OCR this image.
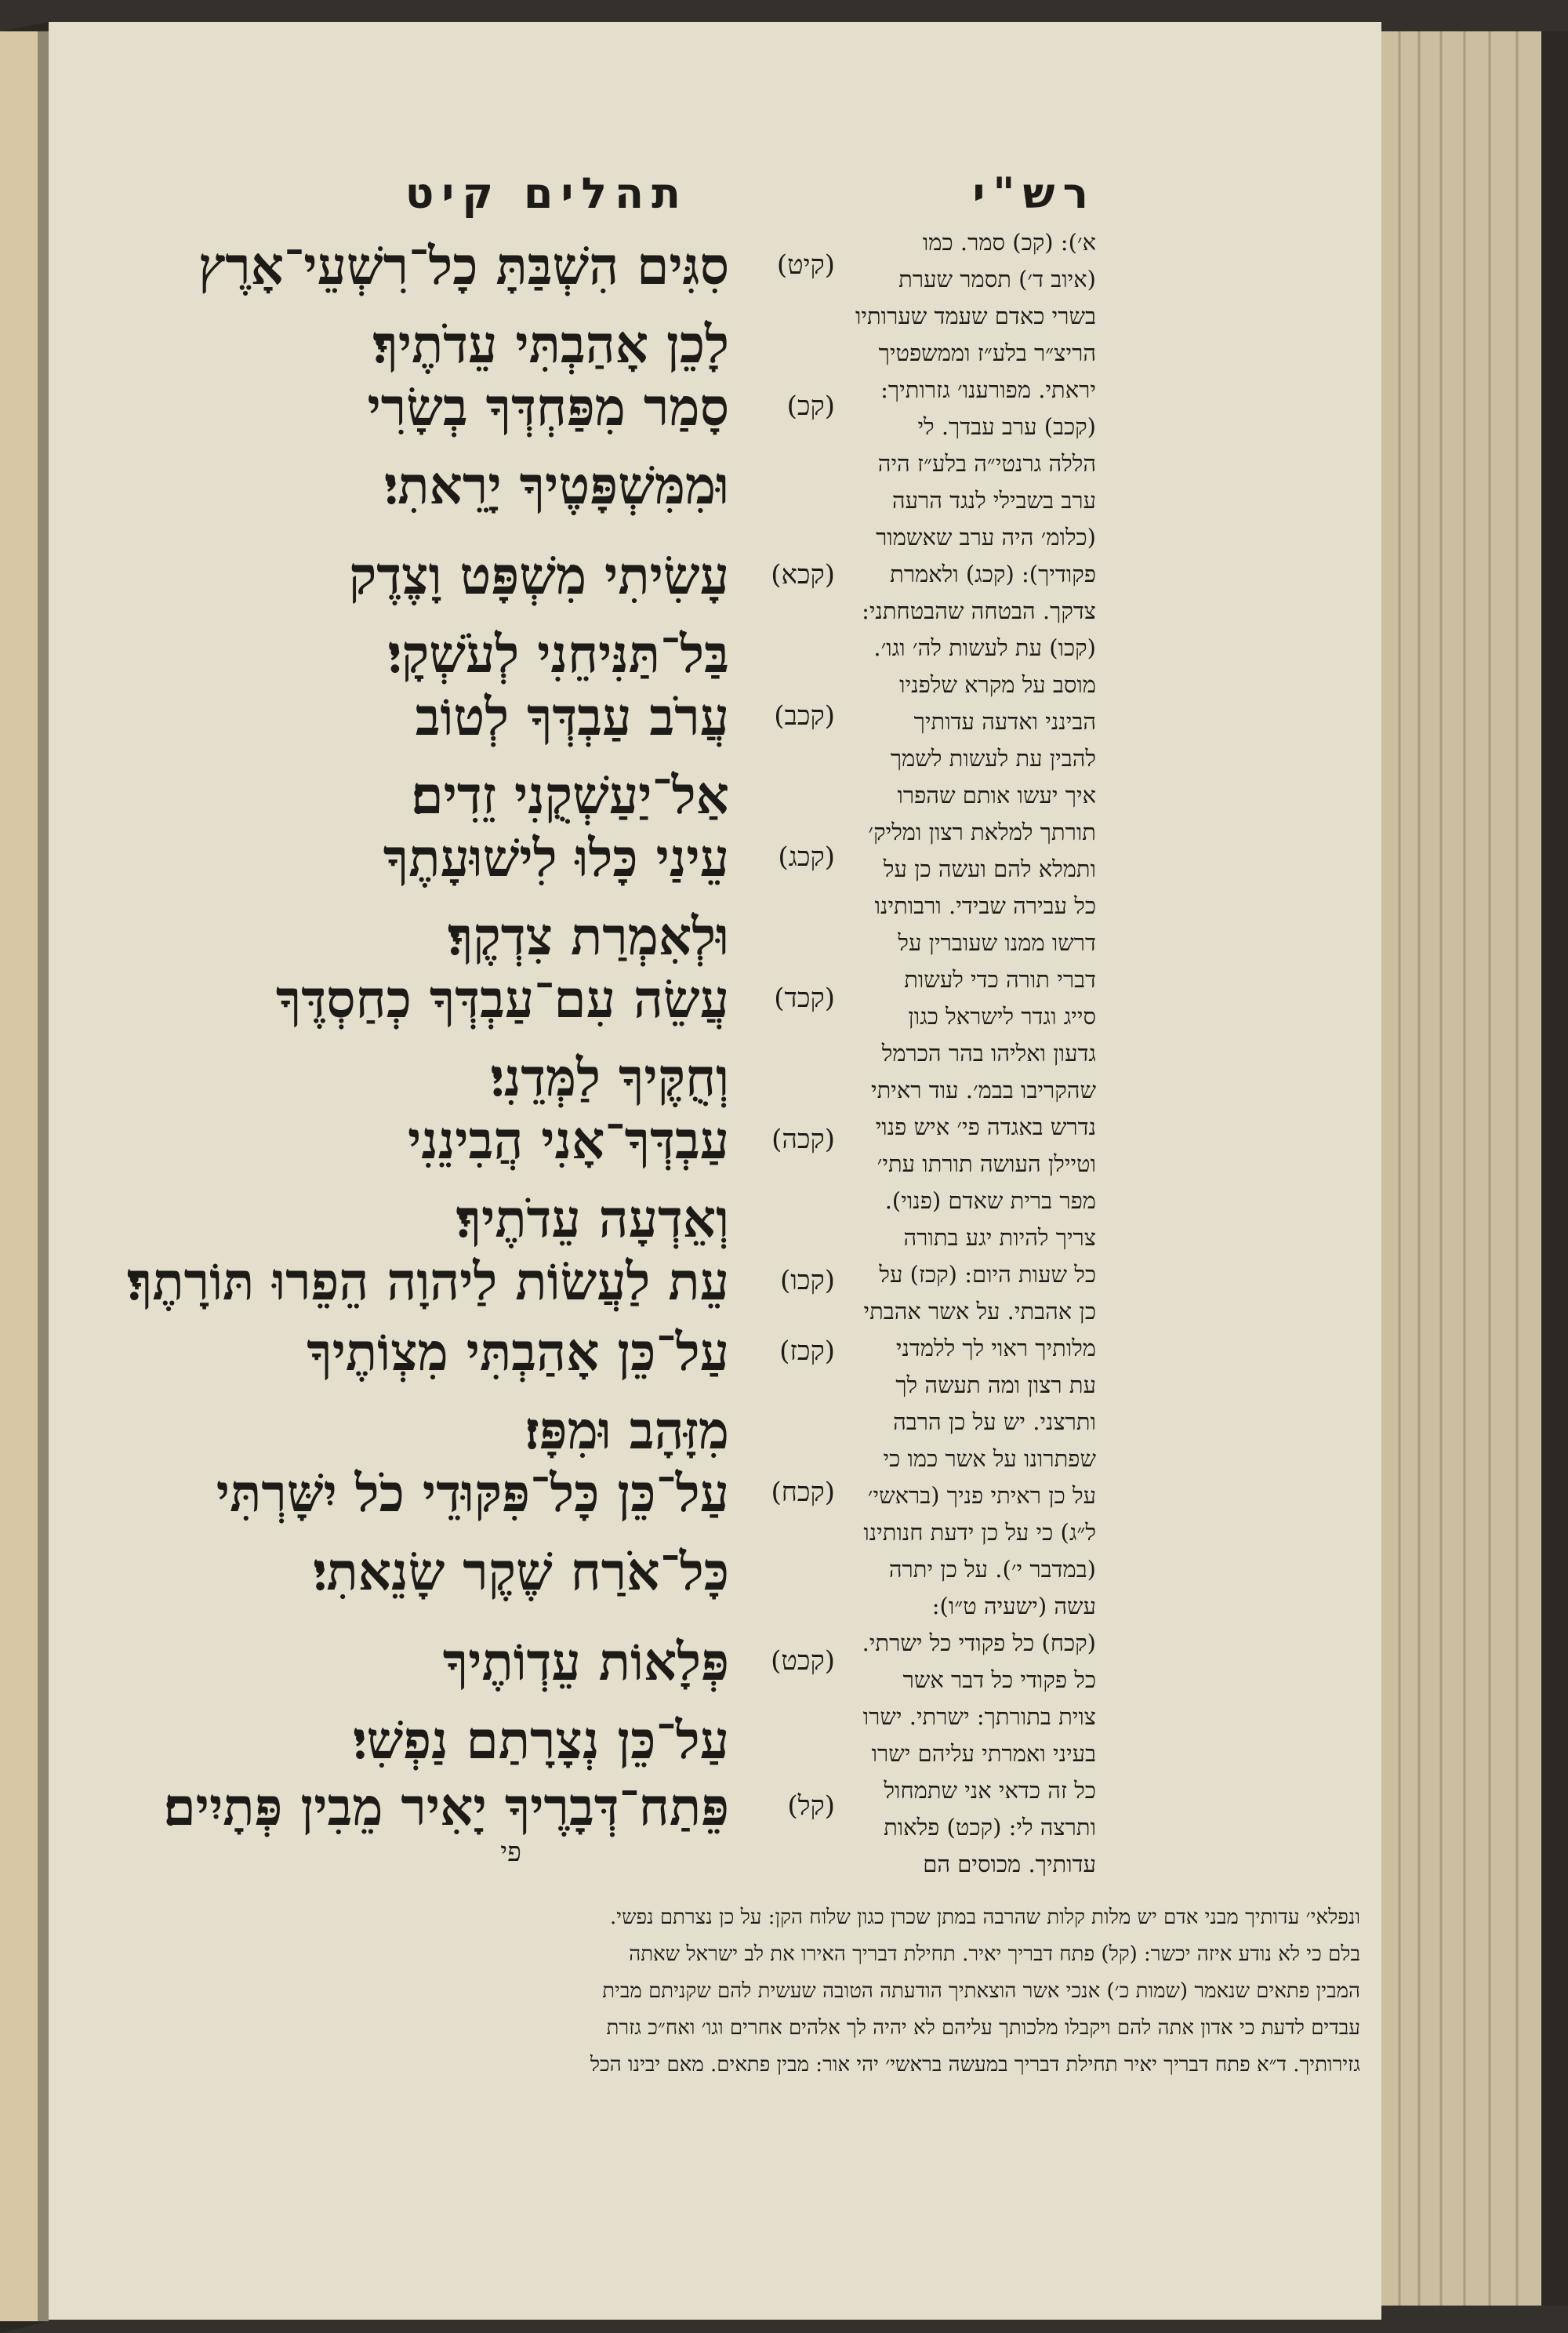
תהלים קיט	רש"י
(קיט)
סִגִּים הִשְׁבַּתָּ כָל־רִשְׁעֵי־אָרֶץ
לָכֵן אָהַבְתִּי עֵדֹתֶיךָ׃
(קכ)
סָמַר מִפַּחְדְּךָ בְשָׂרִי
וּמִמִּשְׁפָּטֶיךָ יָרֵאתִי׃
(קכא)
עָשִׂיתִי מִשְׁפָּט וָצֶדֶק
בַּל־תַּנִּיחֵנִי לְעֹשְׁקָי׃
(קכב)
עֲרֹב עַבְדְּךָ לְטוֹב
אַל־יַעַשְׁקֻנִי זֵדִים׃
(קכג)
עֵינַי כָּלוּ לִישׁוּעָתֶךָ
וּלְאִמְרַת צִדְקֶךָ׃
(קכד)
עֲשֵׂה עִם־עַבְדְּךָ כְחַסְדֶּךָ
וְחֻקֶּיךָ לַמְּדֵנִי׃
(קכה)
עַבְדְּךָ־אָנִי הֲבִינֵנִי
וְאֵדְעָה עֵדֹתֶיךָ׃
(קכו)
עֵת לַעֲשׂוֹת לַיהוָה הֵפֵרוּ תּוֹרָתֶךָ׃
(קכז)
עַל־כֵּן אָהַבְתִּי מִצְוֹתֶיךָ
מִזָּהָב וּמִפָּז׃
(קכח)
עַל־כֵּן כָּל־פִּקּוּדֵי כֹל יִשָּׁרְתִּי
כָּל־אֹרַח שֶׁקֶר שָׂנֵאתִי׃
(קכט)
פְּלָאוֹת עֵדְוֹתֶיךָ
עַל־כֵּן נְצָרָתַם נַפְשִׁי׃
(קל)
פֵּתַח־דְּבָרֶיךָ יָאִיר מֵבִין פְּתָיִים׃
פי
א׳): (קכ) סמר. כמו
(איוב ד׳) תסמר שערת
בשרי כאדם שעמד שערותיו
הריצ״ר בלע״ז וממשפטיך
יראתי. מפורענו׳ גזרותיך:
(קכב) ערב עבדך. לי
הללה גרנטי״ה בלע״ז היה
ערב בשבילי לנגד הרעה
(כלומ׳ היה ערב שאשמור
פקודיך): (קכג) ולאמרת
צדקך. הבטחה שהבטחתני:
(קכו) עת לעשות לה׳ וגו׳.
מוסב על מקרא שלפניו
הבינני ואדעה עדותיך
להבין עת לעשות לשמך
איך יעשו אותם שהפרו
תורתך למלאת רצון ומליק׳
ותמלא להם ועשה כן על
כל עבירה שבידי. ורבותינו
דרשו ממנו שעוברין על
דברי תורה כדי לעשות
סייג וגדר לישראל כגון
גדעון ואליהו בהר הכרמל
שהקריבו בבמ׳. עוד ראיתי
נדרש באגדה פי׳ איש פנוי
וטיילן העושה תורתו עתי׳
מפר ברית שאדם (פנוי).
צריך להיות יגע בתורה
כל שעות היום: (קכז) על
כן אהבתי. על אשר אהבתי
מלותיך ראוי לך ללמדני
עת רצון ומה תעשה לך
ותרצני. יש על כן הרבה
שפתרונו על אשר כמו כי
על כן ראיתי פניך (בראשי׳
ל״ג) כי על כן ידעת חנותינו
(במדבר י׳). על כן יתרה
עשה (ישעיה ט״ו):
(קכח) כל פקודי כל ישרתי.
כל פקודי כל דבר אשר
צוית בתורתך: ישרתי. ישרו
בעיני ואמרתי עליהם ישרו
כל זה כדאי אני שתמחול
ותרצה לי: (קכט) פלאות
עדותיך. מכוסים הם
ונפלאי׳ עדותיך מבני אדם יש מלות קלות שהרבה במתן שכרן כגון שלוח הקן: על כן נצרתם נפשי.
בלם כי לא נודע איזה יכשר: (קל) פתח דבריך יאיר. תחילת דבריך האירו את לב ישראל שאתה
המבין פתאים שנאמר (שמות כ׳) אנכי אשר הוצאתיך הודעתה הטובה שעשית להם שקניתם מבית
עבדים לדעת כי אדון אתה להם ויקבלו מלכותך עליהם לא יהיה לך אלהים אחרים וגו׳ ואח״כ גזרת
גזירותיך. ד״א פתח דבריך יאיר תחילת דבריך במעשה בראשי׳ יהי אור: מבין פתאים. מאם יבינו הכל
